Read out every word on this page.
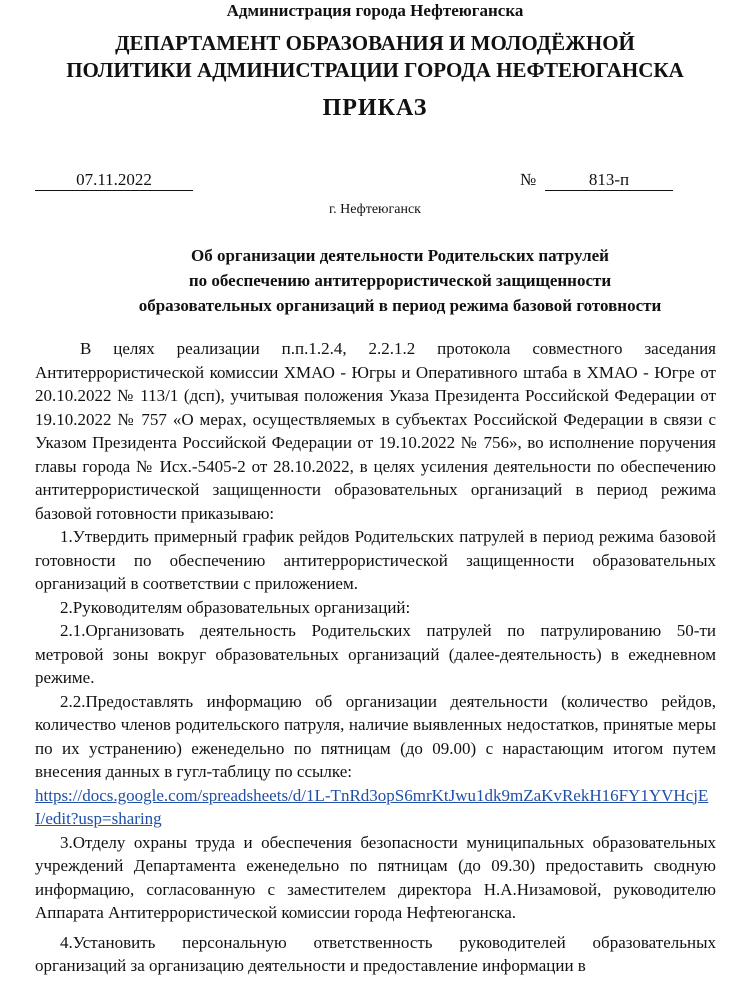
Администрация города Нефтеюганска
ДЕПАРТАМЕНТ ОБРАЗОВАНИЯ И МОЛОДЁЖНОЙ
ПОЛИТИКИ АДМИНИСТРАЦИИ ГОРОДА НЕФТЕЮГАНСКА
ПРИКАЗ
07.11.2022	№	813-п
г. Нефтеюганск
Об организации деятельности Родительских патрулей
по обеспечению антитеррористической защищенности
образовательных организаций в период режима базовой готовности

В целях реализации п.п.1.2.4, 2.2.1.2 протокола совместного заседания Антитеррористической комиссии ХМАО - Югры и Оперативного штаба в ХМАО - Югре от 20.10.2022 № 113/1 (дсп), учитывая положения Указа Президента Российской Федерации от 19.10.2022 № 757 «О мерах, осуществляемых в субъектах Российской Федерации в связи с Указом Президента Российской Федерации от 19.10.2022 № 756», во исполнение поручения главы города № Исх.-5405-2 от 28.10.2022, в целях усиления деятельности по обеспечению антитеррористической защищенности образовательных организаций в период режима базовой готовности приказываю:

1.Утвердить примерный график рейдов Родительских патрулей в период режима базовой готовности по обеспечению антитеррористической защищенности образовательных организаций в соответствии с приложением.

2.Руководителям образовательных организаций:

2.1.Организовать деятельность Родительских патрулей по патрулированию 50-ти метровой зоны вокруг образовательных организаций (далее-деятельность) в ежедневном режиме.

2.2.Предоставлять информацию об организации деятельности (количество рейдов, количество членов родительского патруля, наличие выявленных недостатков, принятые меры по их устранению) еженедельно по пятницам (до 09.00) с нарастающим итогом путем внесения данных в гугл-таблицу по ссылке:

https://docs.google.com/spreadsheets/d/1L-TnRd3opS6mrKtJwu1dk9mZaKvRekH16FY1YVHcjEI/edit?usp=sharing

3.Отделу охраны труда и обеспечения безопасности муниципальных образовательных учреждений Департамента еженедельно по пятницам (до 09.30) предоставить сводную информацию, согласованную с заместителем директора Н.А.Низамовой, руководителю Аппарата Антитеррористической комиссии города Нефтеюганска.

4.Установить персональную ответственность руководителей образовательных организаций за организацию деятельности и предоставление информации в
